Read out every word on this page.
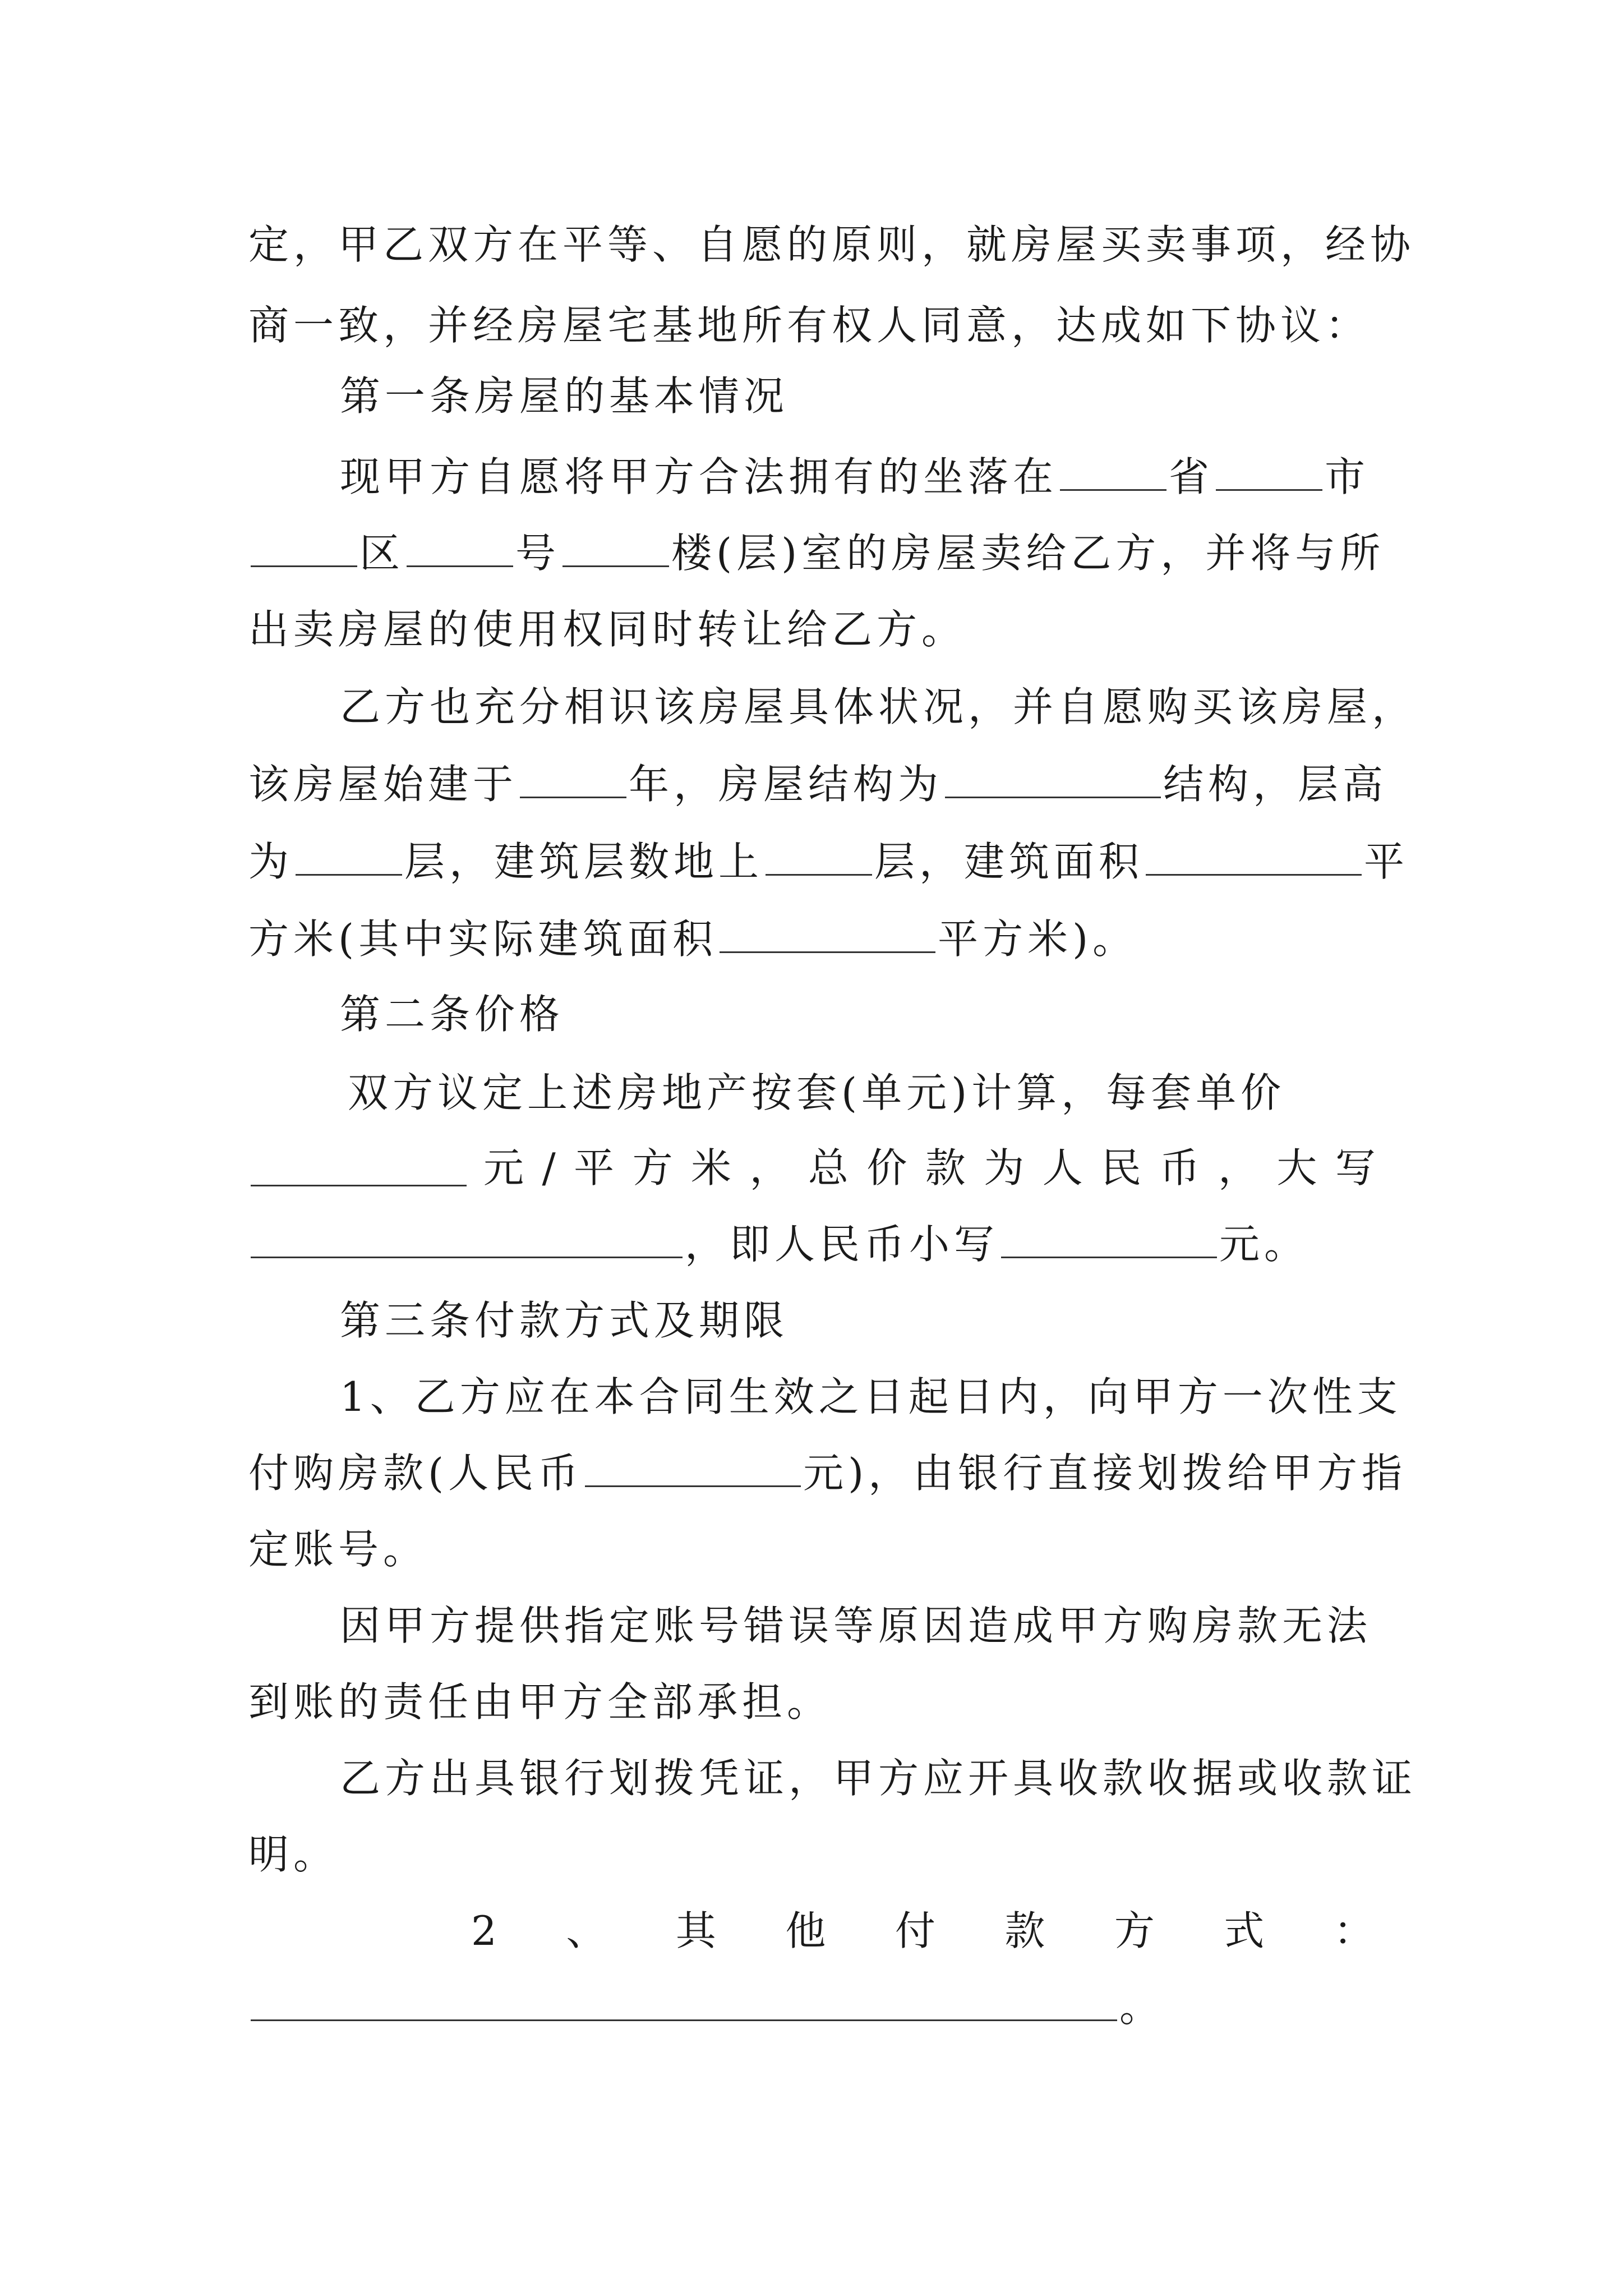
定，甲乙双方在平等、自愿的原则，就房屋买卖事项，经协
商一致，并经房屋宅基地所有权人同意，达成如下协议：
第一条房屋的基本情况
现甲方自愿将甲方合法拥有的坐落在	省	市
区	号	楼(层)室的房屋卖给乙方，并将与所
出卖房屋的使用权同时转让给乙方。
乙方也充分相识该房屋具体状况，并自愿购买该房屋，
该房屋始建于	年，房屋结构为	结构，层高
为	层，建筑层数地上	层，建筑面积	平
方米(其中实际建筑面积	平方米)。
第二条价格
双方议定上述房地产按套(单元)计算，每套单价
元 / 平 方 米 ， 总 价 款 为 人 民 币 ， 大 写
，即人民币小写	元。
第三条付款方式及期限
1、乙方应在本合同生效之日起日内，向甲方一次性支
付购房款(人民币	元)，由银行直接划拨给甲方指
定账号。
因甲方提供指定账号错误等原因造成甲方购房款无法
到账的责任由甲方全部承担。
乙方出具银行划拨凭证，甲方应开具收款收据或收款证
明。
2 、 其 他 付 款 方 式 ：
。
